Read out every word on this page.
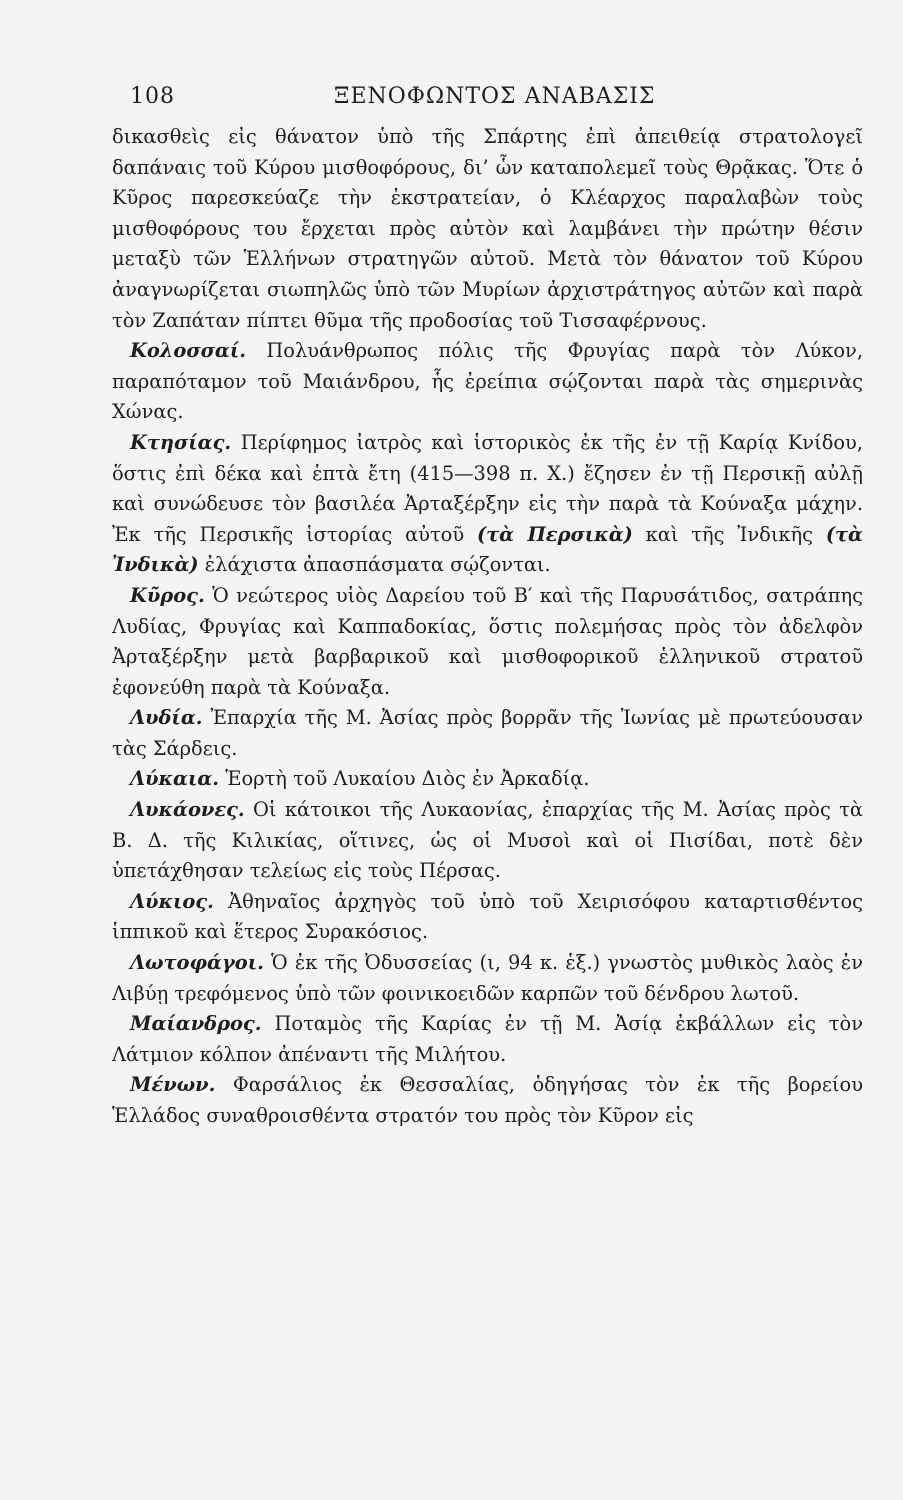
108	ΞΕΝΟΦΩΝΤΟΣ ΑΝΑΒΑΣΙΣ

δικασθεὶς εἰς θάνατον ὑπὸ τῆς Σπάρτης ἐπὶ ἀπειθείᾳ στρατολογεῖ δαπάναις τοῦ Κύρου μισθοφόρους, δι’ ὧν καταπολεμεῖ τοὺς Θρᾷκας. Ὅτε ὁ Κῦρος παρεσκεύαζε τὴν ἐκστρατείαν, ὁ Κλέαρχος παραλαβὼν τοὺς μισθοφόρους του ἔρχεται πρὸς αὐτὸν καὶ λαμβάνει τὴν πρώτην θέσιν μεταξὺ τῶν Ἑλλήνων στρατηγῶν αὐτοῦ. Μετὰ τὸν θάνατον τοῦ Κύρου ἀναγνωρίζεται σιωπηλῶς ὑπὸ τῶν Μυρίων ἀρχιστράτηγος αὐτῶν καὶ παρὰ τὸν Ζαπάταν πίπτει θῦμα τῆς προδοσίας τοῦ Τισσαφέρνους.

Κολοσσαί. Πολυάνθρωπος πόλις τῆς Φρυγίας παρὰ τὸν Λύκον, παραπόταμον τοῦ Μαιάνδρου, ἧς ἐρείπια σῴζονται παρὰ τὰς σημερινὰς Χώνας.

Κτησίας. Περίφημος ἰατρὸς καὶ ἱστορικὸς ἐκ τῆς ἐν τῇ Καρίᾳ Κνίδου, ὅστις ἐπὶ δέκα καὶ ἑπτὰ ἔτη (415—398 π. Χ.) ἔζησεν ἐν τῇ Περσικῇ αὐλῇ καὶ συνώδευσε τὸν βασιλέα Ἀρταξέρξην εἰς τὴν παρὰ τὰ Κούναξα μάχην. Ἐκ τῆς Περσικῆς ἱστορίας αὐτοῦ (τὰ Περσικὰ) καὶ τῆς Ἰνδικῆς (τὰ Ἰνδικὰ) ἐλάχιστα ἀπασπάσματα σῴζονται.

Κῦρος. Ὁ νεώτερος υἱὸς Δαρείου τοῦ Β′ καὶ τῆς Παρυσάτιδος, σατράπης Λυδίας, Φρυγίας καὶ Καππαδοκίας, ὅστις πολεμήσας πρὸς τὸν ἀδελφὸν Ἀρταξέρξην μετὰ βαρβαρικοῦ καὶ μισθοφορικοῦ ἑλληνικοῦ στρατοῦ ἐφονεύθη παρὰ τὰ Κούναξα.

Λυδία. Ἐπαρχία τῆς Μ. Ἀσίας πρὸς βορρᾶν τῆς Ἰωνίας μὲ πρωτεύουσαν τὰς Σάρδεις.

Λύκαια. Ἑορτὴ τοῦ Λυκαίου Διὸς ἐν Ἀρκαδίᾳ.

Λυκάονες. Οἱ κάτοικοι τῆς Λυκαονίας, ἐπαρχίας τῆς Μ. Ἀσίας πρὸς τὰ Β. Δ. τῆς Κιλικίας, οἵτινες, ὡς οἱ Μυσοὶ καὶ οἱ Πισίδαι, ποτὲ δὲν ὑπετάχθησαν τελείως εἰς τοὺς Πέρσας.

Λύκιος. Ἀθηναῖος ἀρχηγὸς τοῦ ὑπὸ τοῦ Χειρισόφου καταρτισθέντος ἱππικοῦ καὶ ἕτερος Συρακόσιος.

Λωτοφάγοι. Ὁ ἐκ τῆς Ὀδυσσείας (ι, 94 κ. ἑξ.) γνωστὸς μυθικὸς λαὸς ἐν Λιβύῃ τρεφόμενος ὑπὸ τῶν φοινικοειδῶν καρπῶν τοῦ δένδρου λωτοῦ.

Μαίανδρος. Ποταμὸς τῆς Καρίας ἐν τῇ Μ. Ἀσίᾳ ἐκβάλλων εἰς τὸν Λάτμιον κόλπον ἀπέναντι τῆς Μιλήτου.

Μένων. Φαρσάλιος ἐκ Θεσσαλίας, ὁδηγήσας τὸν ἐκ τῆς βορείου Ἑλλάδος συναθροισθέντα στρατόν του πρὸς τὸν Κῦρον εἰς
